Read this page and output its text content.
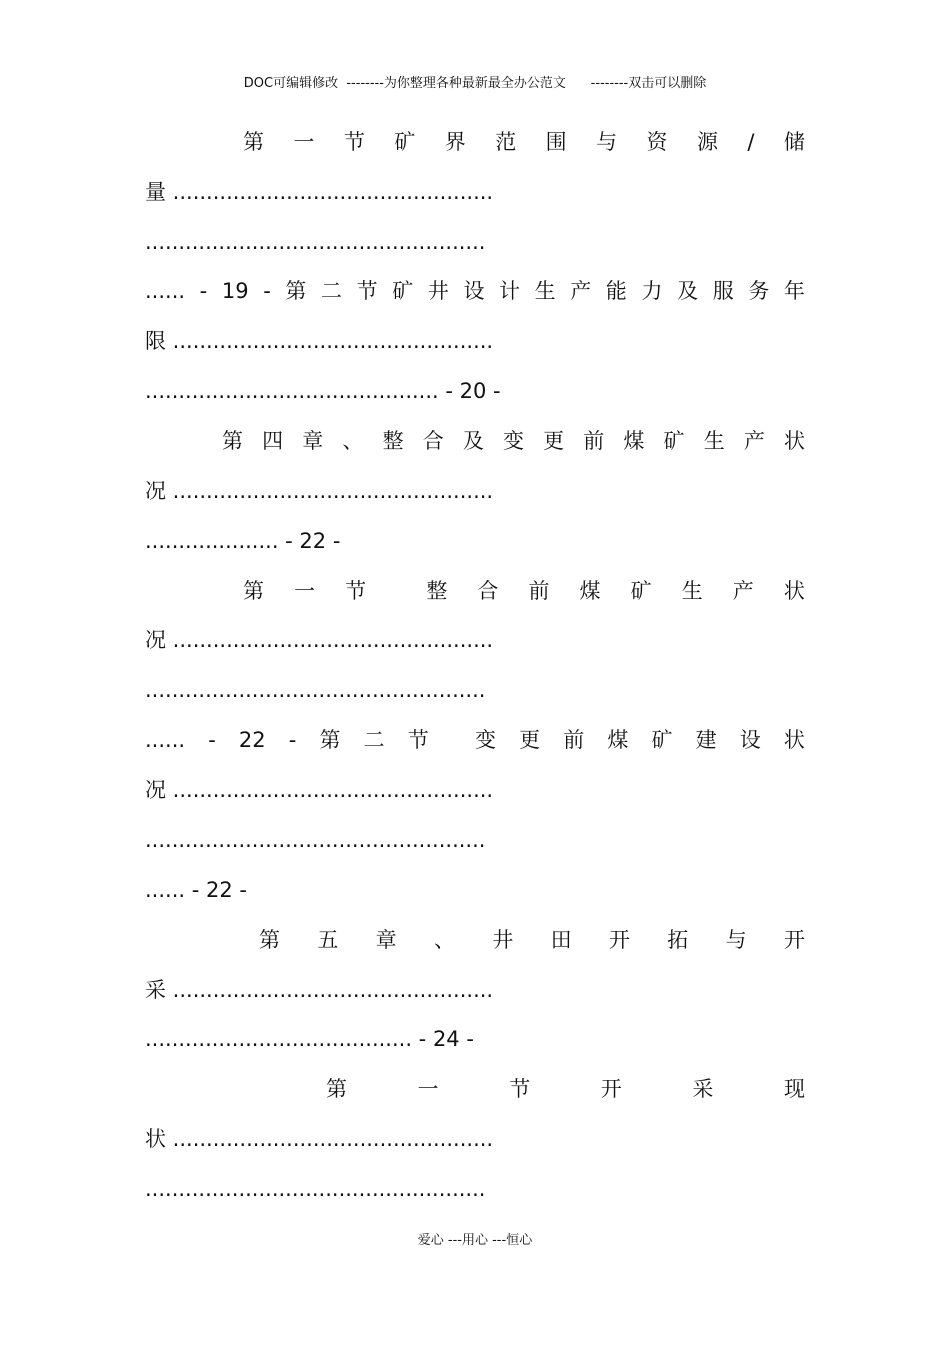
DOC可编辑修改  --------为你整理各种最新最全办公范文      --------双击可以删除
第 一 节 矿 界 范 围 与 资 源 / 储
量 ................................................
...................................................
...... - 19 - 第 二 节 矿 井 设 计 生 产 能 力 及 服 务 年
限 ................................................
............................................ - 20 -
第 四 章 、 整 合 及 变 更 前 煤 矿 生 产 状
况 ................................................
.................... - 22 -
第 一 节	整 合 前 煤 矿 生 产 状
况 ................................................
...................................................
...... - 22 - 第 二 节 变 更 前 煤 矿 建 设 状
况 ................................................
...................................................
...... - 22 -
第 五 章 、 井 田 开 拓 与 开
采 ................................................
........................................ - 24 -
第	一	节	开	采	现
状 ................................................
...................................................
爱心 ---用心 ---恒心
